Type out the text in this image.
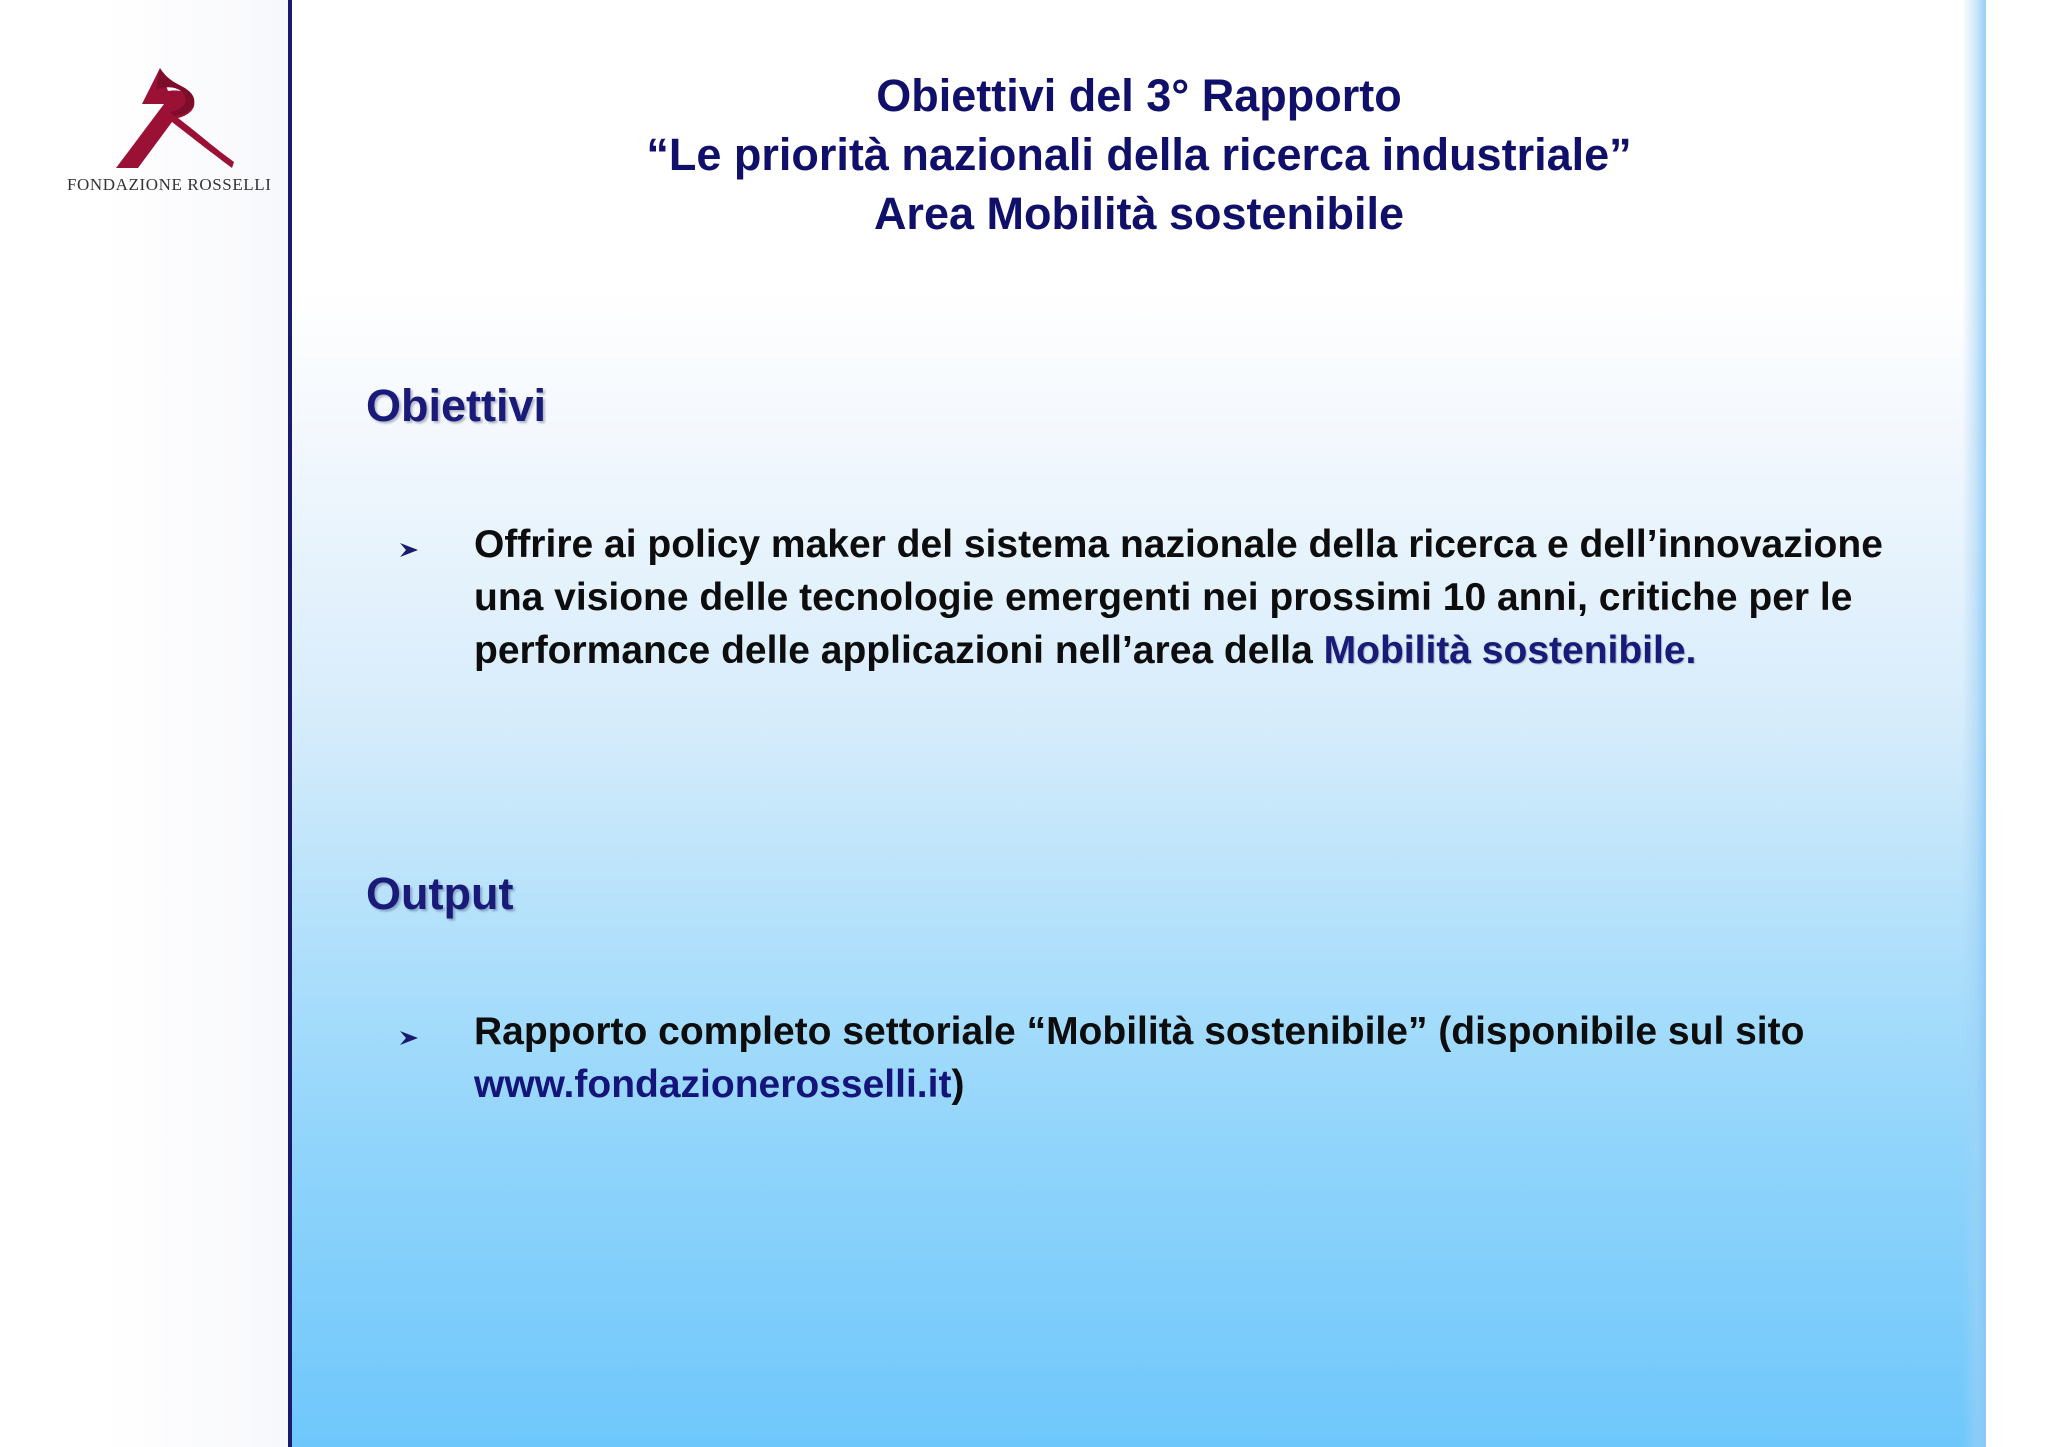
FONDAZIONE ROSSELLI
Obiettivi del 3° Rapporto
“Le priorità nazionali della ricerca industriale”
Area Mobilità sostenibile
Obiettivi
Offrire ai policy maker del sistema nazionale della ricerca e dell’innovazione una visione delle tecnologie emergenti nei prossimi 10 anni, critiche per le performance delle applicazioni nell’area della Mobilità sostenibile.
Output
Rapporto completo settoriale “Mobilità sostenibile” (disponibile sul sito www.fondazionerosselli.it)
